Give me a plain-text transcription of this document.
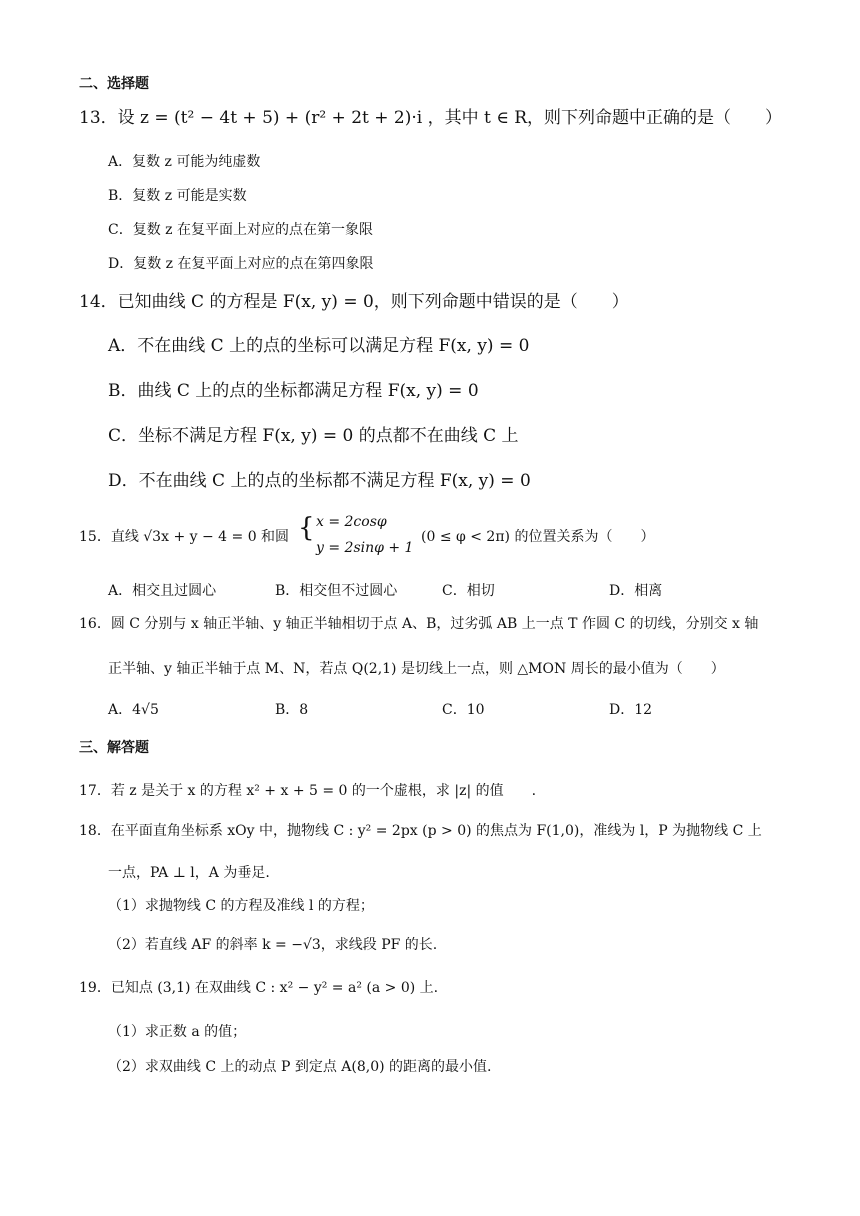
二、选择题
13．设 z = (t² − 4t + 5) + (r² + 2t + 2)·i ，其中 t ∈ R，则下列命题中正确的是（　　）
A．复数 z 可能为纯虚数
B．复数 z 可能是实数
C．复数 z 在复平面上对应的点在第一象限
D．复数 z 在复平面上对应的点在第四象限
14．已知曲线 C 的方程是 F(x, y) = 0，则下列命题中错误的是（　　）
A．不在曲线 C 上的点的坐标可以满足方程 F(x, y) = 0
B．曲线 C 上的点的坐标都满足方程 F(x, y) = 0
C．坐标不满足方程 F(x, y) = 0 的点都不在曲线 C 上
D．不在曲线 C 上的点的坐标都不满足方程 F(x, y) = 0
15．直线 √3x + y − 4 = 0 和圆 { x = 2cosφ
y = 2sinφ + 1
(0 ≤ φ < 2π) 的位置关系为（　　）
A．相交且过圆心	B．相交但不过圆心	C．相切	D．相离
16．圆 C 分别与 x 轴正半轴、y 轴正半轴相切于点 A、B，过劣弧 AB 上一点 T 作圆 C 的切线，分别交 x 轴
正半轴、y 轴正半轴于点 M、N，若点 Q(2,1) 是切线上一点，则 △MON 周长的最小值为（　　）
A．4√5	B．8	C．10	D．12
三、解答题
17．若 z 是关于 x 的方程 x² + x + 5 = 0 的一个虚根，求 |z| 的值　　.
18．在平面直角坐标系 xOy 中，抛物线 C : y² = 2px (p > 0) 的焦点为 F(1,0)，准线为 l，P 为抛物线 C 上
一点，PA ⊥ l，A 为垂足.
（1）求抛物线 C 的方程及准线 l 的方程；
（2）若直线 AF 的斜率 k = −√3，求线段 PF 的长.
19．已知点 (3,1) 在双曲线 C : x² − y² = a² (a > 0) 上.
（1）求正数 a 的值；
（2）求双曲线 C 上的动点 P 到定点 A(8,0) 的距离的最小值.
